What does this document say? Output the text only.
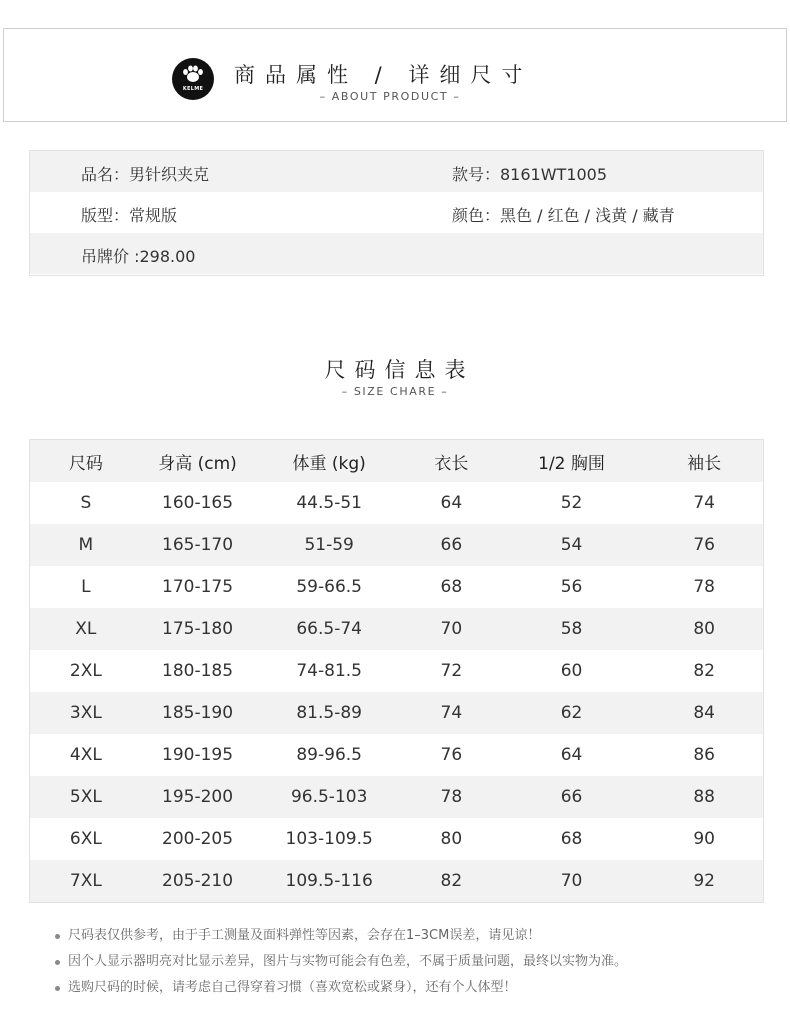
KELME
商品属性 / 详细尺寸
– ABOUT PRODUCT –
品名：男针织夹克	款号：8161WT1005
版型：常规版	颜色：黑色 / 红色 / 浅黄 / 藏青
吊牌价 :298.00
尺码信息表
– SIZE CHARE –
尺码	身高 (cm)	体重 (kg)	衣长	1/2 胸围	袖长
S	160-165	44.5-51	64	52	74
M	165-170	51-59	66	54	76
L	170-175	59-66.5	68	56	78
XL	175-180	66.5-74	70	58	80
2XL	180-185	74-81.5	72	60	82
3XL	185-190	81.5-89	74	62	84
4XL	190-195	89-96.5	76	64	86
5XL	195-200	96.5-103	78	66	88
6XL	200-205	103-109.5	80	68	90
7XL	205-210	109.5-116	82	70	92
尺码表仅供参考，由于手工测量及面料弹性等因素，会存在1–3CM误差，请见谅！
因个人显示器明亮对比显示差异，图片与实物可能会有色差，不属于质量问题，最终以实物为准。
选购尺码的时候，请考虑自己得穿着习惯（喜欢宽松或紧身），还有个人体型！
